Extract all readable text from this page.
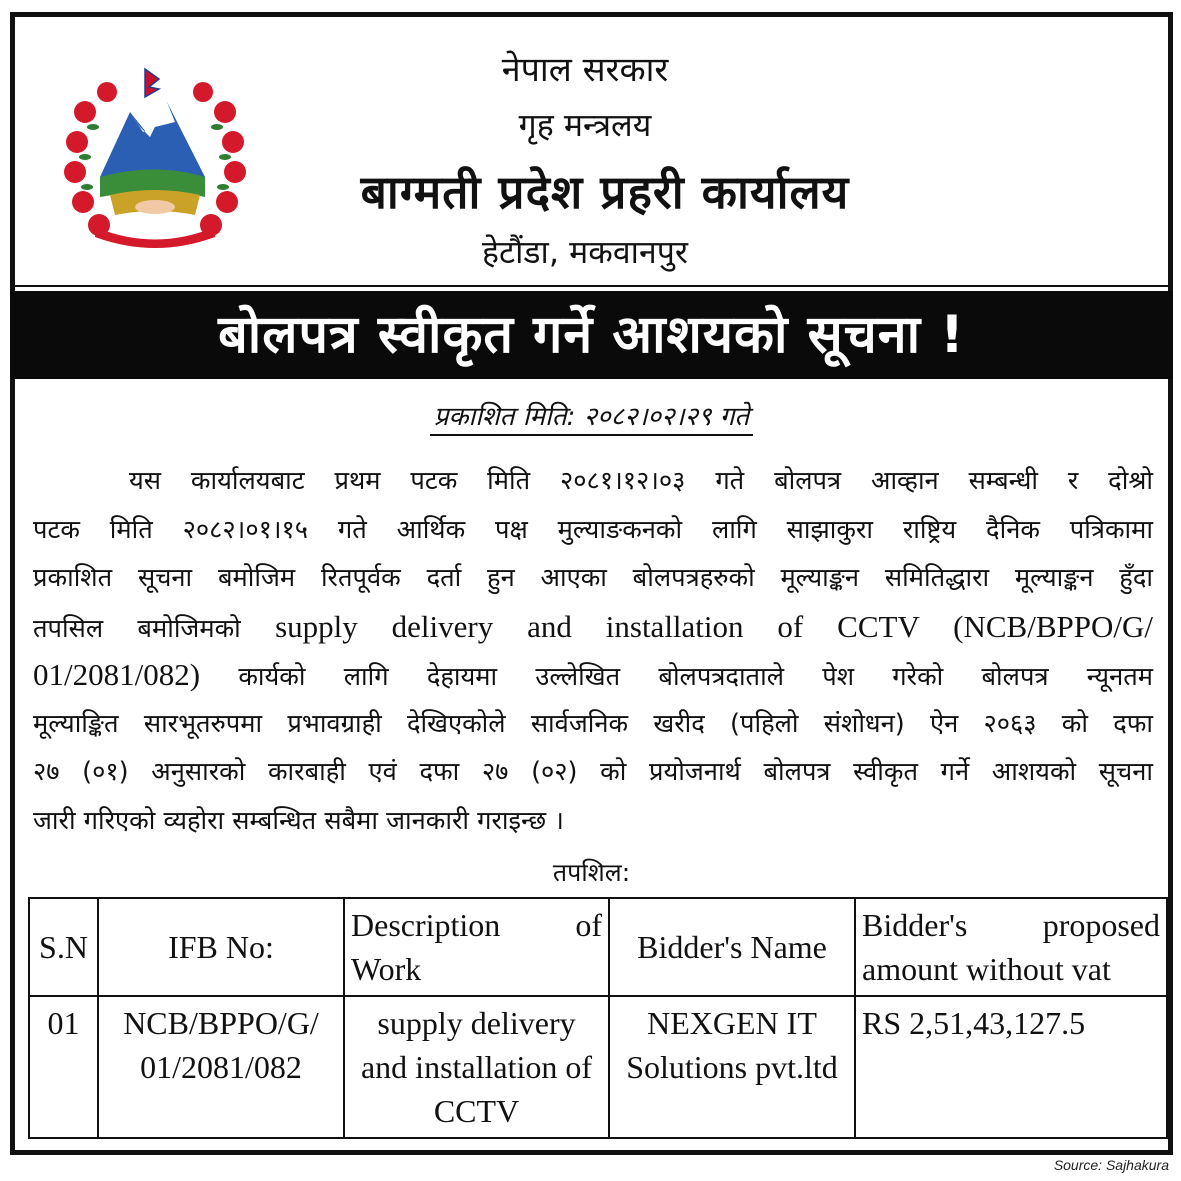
नेपाल सरकार
गृह मन्त्रलय
बाग्मती प्रदेश प्रहरी कार्यालय
हेटौंडा, मकवानपुर
बोलपत्र स्वीकृत गर्ने आशयको सूचना !
प्रकाशित मिति: २०८२।०२।२९ गते
यस कार्यालयबाट प्रथम पटक मिति २०८१।१२।०३ गते बोलपत्र आव्हान सम्बन्धी र दोश्रो
पटक मिति २०८२।०१।१५ गते आर्थिक पक्ष मुल्याङकनको लागि साझाकुरा राष्ट्रिय दैनिक पत्रिकामा
प्रकाशित सूचना बमोजिम रितपूर्वक दर्ता हुन आएका बोलपत्रहरुको मूल्याङ्कन समितिद्धारा मूल्याङ्कन हुँदा
तपसिल बमोजिमको supply delivery and installation of CCTV (NCB/BPPO/G/
01/2081/082) कार्यको लागि देहायमा उल्लेखित बोलपत्रदाताले पेश गरेको बोलपत्र न्यूनतम
मूल्याङ्कित सारभूतरुपमा प्रभावग्राही देखिएकोले सार्वजनिक खरीद (पहिलो संशोधन) ऐन २०६३ को दफा
२७ (०१) अनुसारको कारबाही एवं दफा २७ (०२) को प्रयोजनार्थ बोलपत्र स्वीकृत गर्ने आशयको सूचना
जारी गरिएको व्यहोरा सम्बन्धित सबैमा जानकारी गराइन्छ ।
तपशिल:
S.N	IFB No:	Description of Work	Bidder's Name	Bidder's proposed amount without vat
01	NCB/BPPO/G/ 01/2081/082	supply delivery and installation of CCTV	NEXGEN IT Solutions pvt.ltd	RS 2,51,43,127.5
Source: Sajhakura
